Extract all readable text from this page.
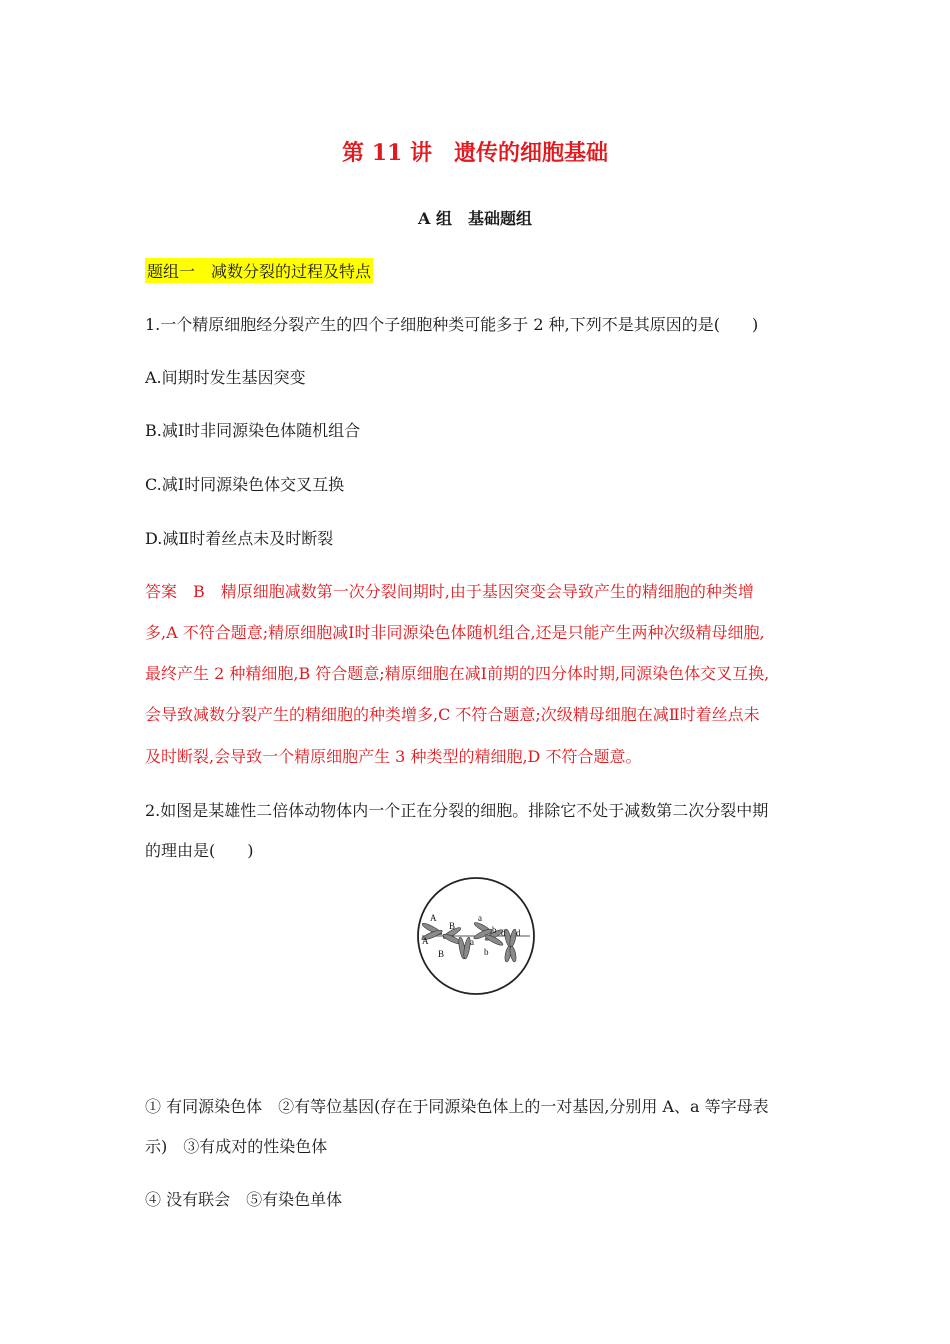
第 11 讲　遗传的细胞基础
A 组　基础题组
题组一　减数分裂的过程及特点
1.一个精原细胞经分裂产生的四个子细胞种类可能多于 2 种,下列不是其原因的是(　　)
A.间期时发生基因突变
B.减Ⅰ时非同源染色体随机组合
C.减Ⅰ时同源染色体交叉互换
D.减Ⅱ时着丝点未及时断裂
答案　B　精原细胞减数第一次分裂间期时,由于基因突变会导致产生的精细胞的种类增
多,A 不符合题意;精原细胞减Ⅰ时非同源染色体随机组合,还是只能产生两种次级精母细胞,
最终产生 2 种精细胞,B 符合题意;精原细胞在减Ⅰ前期的四分体时期,同源染色体交叉互换,
会导致减数分裂产生的精细胞的种类增多,C 不符合题意;次级精母细胞在减Ⅱ时着丝点未
及时断裂,会导致一个精原细胞产生 3 种类型的精细胞,D 不符合题意。
2.如图是某雄性二倍体动物体内一个正在分裂的细胞。排除它不处于减数第二次分裂中期
的理由是(　　)
A
A
B
B
a
a
b
b
d d
① 有同源染色体　②有等位基因(存在于同源染色体上的一对基因,分别用 A、a 等字母表
示)　③有成对的性染色体
④ 没有联会　⑤有染色单体
